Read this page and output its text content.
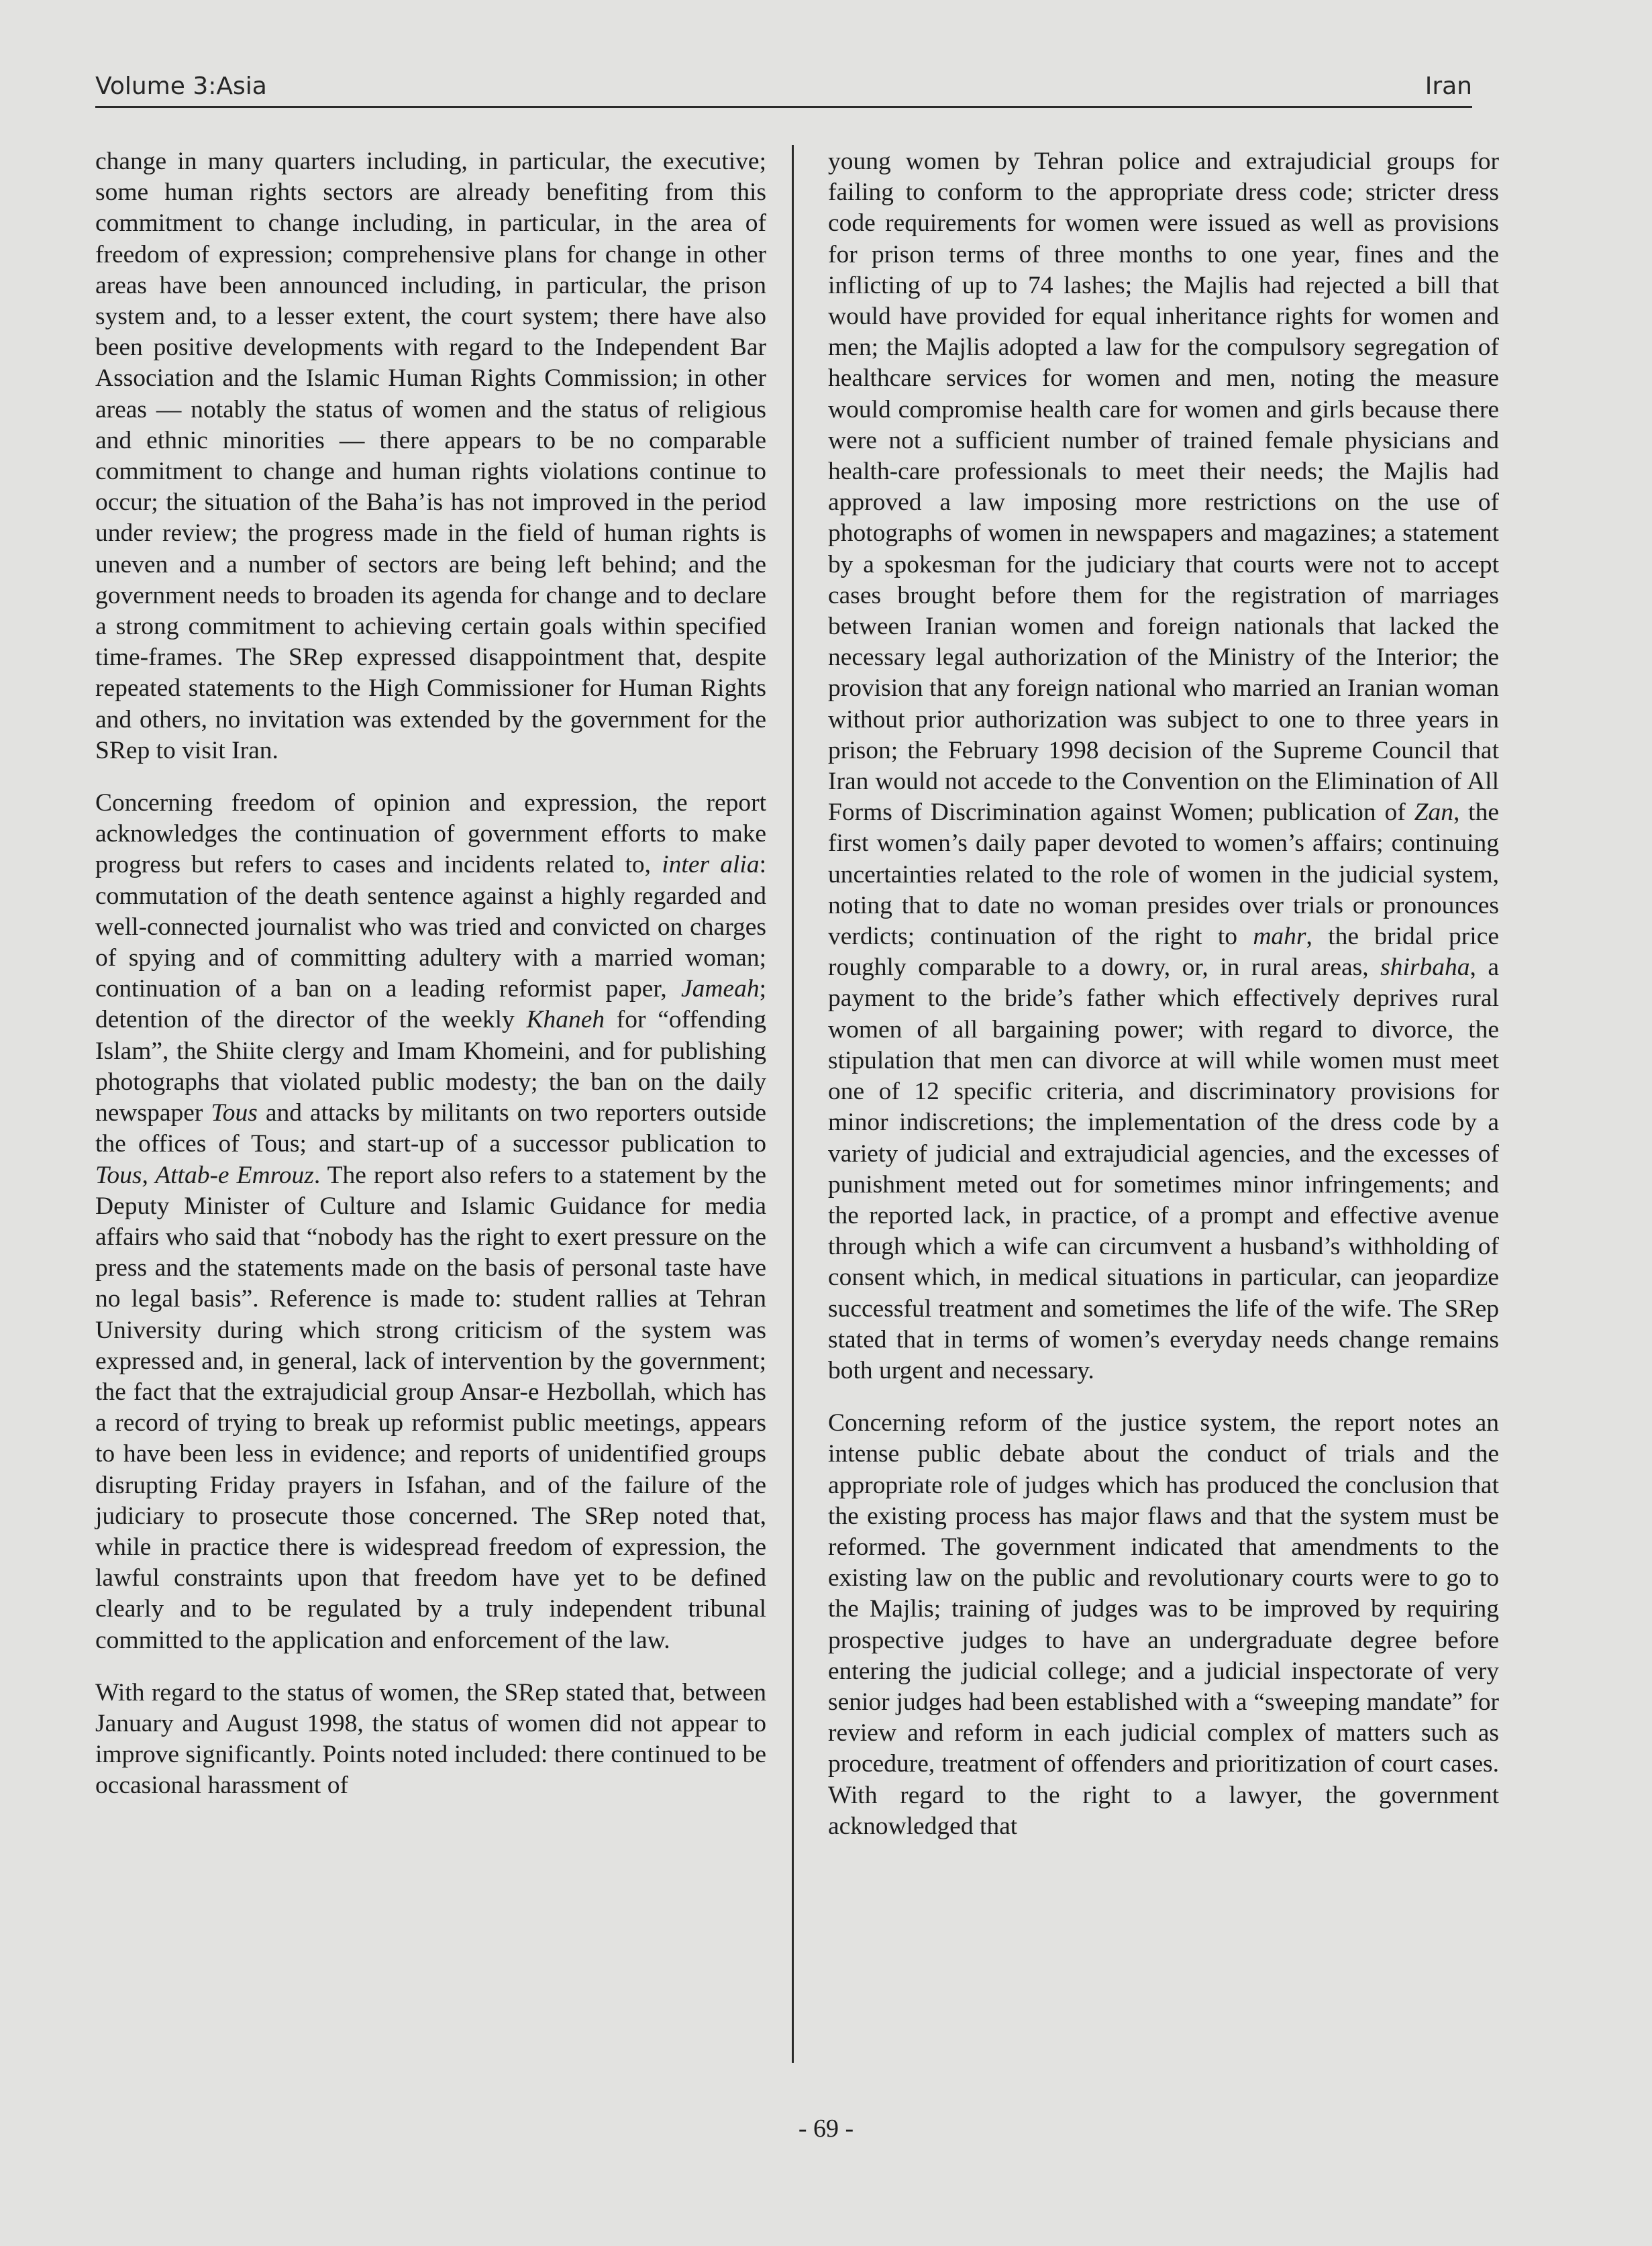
Volume 3:Asia	Iran

change in many quarters including, in particular, the executive; some human rights sectors are already benefiting from this commitment to change including, in particular, in the area of freedom of expression; comprehensive plans for change in other areas have been announced including, in particular, the prison system and, to a lesser extent, the court system; there have also been positive developments with regard to the Independent Bar Association and the Islamic Human Rights Commission; in other areas — notably the status of women and the status of religious and ethnic minorities — there appears to be no comparable commitment to change and human rights violations continue to occur; the situation of the Baha’is has not improved in the period under review; the progress made in the field of human rights is uneven and a number of sectors are being left behind; and the government needs to broaden its agenda for change and to declare a strong commitment to achieving certain goals within specified time-frames. The SRep expressed disappointment that, despite repeated statements to the High Commissioner for Human Rights and others, no invitation was extended by the government for the SRep to visit Iran.

Concerning freedom of opinion and expression, the report acknowledges the continuation of government efforts to make progress but refers to cases and incidents related to, inter alia: commutation of the death sentence against a highly regarded and well-connected journalist who was tried and convicted on charges of spying and of committing adultery with a married woman; continuation of a ban on a leading reformist paper, Jameah; detention of the director of the weekly Khaneh for “offending Islam”, the Shiite clergy and Imam Khomeini, and for publishing photographs that violated public modesty; the ban on the daily newspaper Tous and attacks by militants on two reporters outside the offices of Tous; and start-up of a successor publication to Tous, Attab-e Emrouz. The report also refers to a statement by the Deputy Minister of Culture and Islamic Guidance for media affairs who said that “nobody has the right to exert pressure on the press and the statements made on the basis of personal taste have no legal basis”. Reference is made to: student rallies at Tehran University during which strong criticism of the system was expressed and, in general, lack of intervention by the government; the fact that the extrajudicial group Ansar-e Hezbollah, which has a record of trying to break up reformist public meetings, appears to have been less in evidence; and reports of unidentified groups disrupting Friday prayers in Isfahan, and of the failure of the judiciary to prosecute those concerned. The SRep noted that, while in practice there is widespread freedom of expression, the lawful constraints upon that freedom have yet to be defined clearly and to be regulated by a truly independent tribunal committed to the application and enforcement of the law.

With regard to the status of women, the SRep stated that, between January and August 1998, the status of women did not appear to improve significantly. Points noted included: there continued to be occasional harassment of

young women by Tehran police and extrajudicial groups for failing to conform to the appropriate dress code; stricter dress code requirements for women were issued as well as provisions for prison terms of three months to one year, fines and the inflicting of up to 74 lashes; the Majlis had rejected a bill that would have provided for equal inheritance rights for women and men; the Majlis adopted a law for the compulsory segregation of healthcare services for women and men, noting the measure would compromise health care for women and girls because there were not a sufficient number of trained female physicians and health-care professionals to meet their needs; the Majlis had approved a law imposing more restrictions on the use of photographs of women in newspapers and magazines; a statement by a spokesman for the judiciary that courts were not to accept cases brought before them for the registration of marriages between Iranian women and foreign nationals that lacked the necessary legal authorization of the Ministry of the Interior; the provision that any foreign national who married an Iranian woman without prior authorization was subject to one to three years in prison; the February 1998 decision of the Supreme Council that Iran would not accede to the Convention on the Elimination of All Forms of Discrimination against Women; publication of Zan, the first women’s daily paper devoted to women’s affairs; continuing uncertainties related to the role of women in the judicial system, noting that to date no woman presides over trials or pronounces verdicts; continuation of the right to mahr, the bridal price roughly comparable to a dowry, or, in rural areas, shirbaha, a payment to the bride’s father which effectively deprives rural women of all bargaining power; with regard to divorce, the stipulation that men can divorce at will while women must meet one of 12 specific criteria, and discriminatory provisions for minor indiscretions; the implementation of the dress code by a variety of judicial and extrajudicial agencies, and the excesses of punishment meted out for sometimes minor infringements; and the reported lack, in practice, of a prompt and effective avenue through which a wife can circumvent a husband’s withholding of consent which, in medical situations in particular, can jeopardize successful treatment and sometimes the life of the wife. The SRep stated that in terms of women’s everyday needs change remains both urgent and necessary.

Concerning reform of the justice system, the report notes an intense public debate about the conduct of trials and the appropriate role of judges which has produced the conclusion that the existing process has major flaws and that the system must be reformed. The government indicated that amendments to the existing law on the public and revolutionary courts were to go to the Majlis; training of judges was to be improved by requiring prospective judges to have an undergraduate degree before entering the judicial college; and a judicial inspectorate of very senior judges had been established with a “sweeping mandate” for review and reform in each judicial complex of matters such as procedure, treatment of offenders and prioritization of court cases. With regard to the right to a lawyer, the government acknowledged that

- 69 -
